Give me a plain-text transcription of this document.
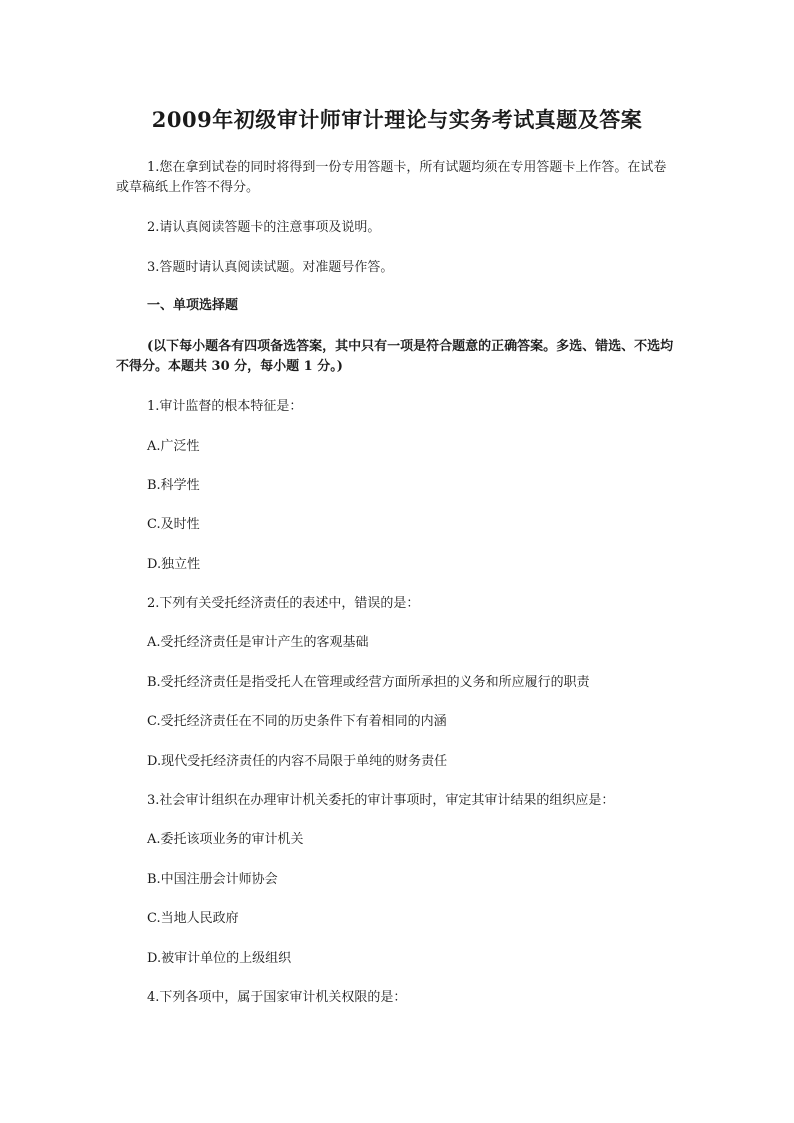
2009年初级审计师审计理论与实务考试真题及答案
1.您在拿到试卷的同时将得到一份专用答题卡，所有试题均须在专用答题卡上作答。在试卷或草稿纸上作答不得分。
2.请认真阅读答题卡的注意事项及说明。
3.答题时请认真阅读试题。对准题号作答。
一、单项选择题
(以下每小题各有四项备选答案，其中只有一项是符合题意的正确答案。多选、错选、不选均不得分。本题共 30 分，每小题 1 分。)
1.审计监督的根本特征是：
A.广泛性
B.科学性
C.及时性
D.独立性
2.下列有关受托经济责任的表述中，错误的是：
A.受托经济责任是审计产生的客观基础
B.受托经济责任是指受托人在管理或经营方面所承担的义务和所应履行的职责
C.受托经济责任在不同的历史条件下有着相同的内涵
D.现代受托经济责任的内容不局限于单纯的财务责任
3.社会审计组织在办理审计机关委托的审计事项时，审定其审计结果的组织应是：
A.委托该项业务的审计机关
B.中国注册会计师协会
C.当地人民政府
D.被审计单位的上级组织
4.下列各项中，属于国家审计机关权限的是：
